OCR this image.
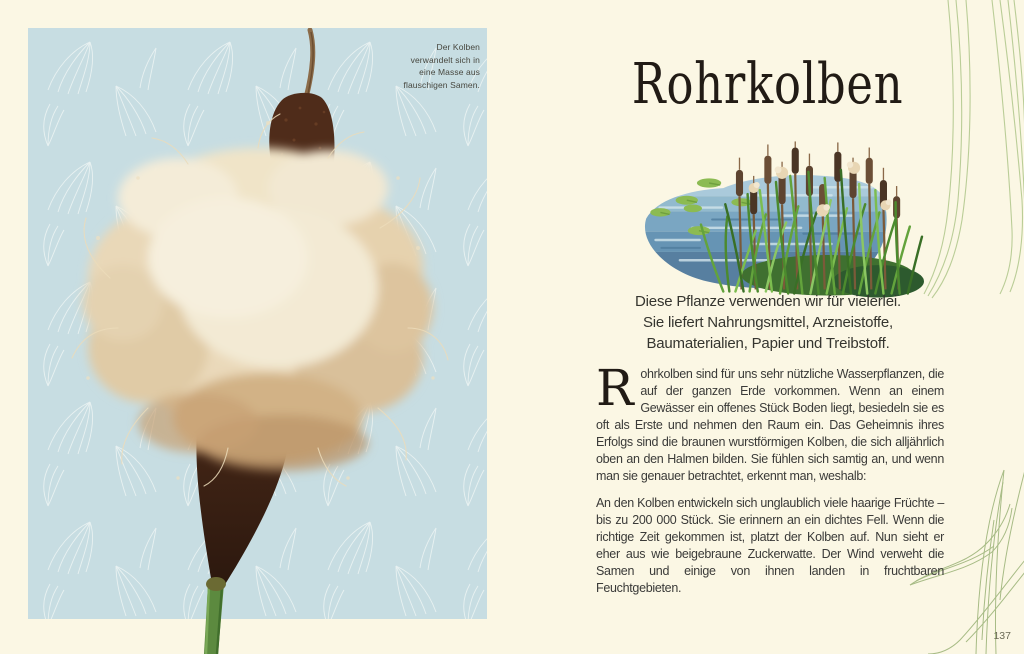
Der Kolben verwandelt sich in eine Masse aus flauschigen Samen.	Rohrkolben
Diese Pflanze verwenden wir für vielerlei.
Sie liefert Nahrungsmittel, Arzneistoffe,
Baumaterialien, Papier und Treibstoff.

Rohrkolben sind für uns sehr nützliche Wasserpflanzen, die auf der ganzen Erde vorkommen. Wenn an einem Gewässer ein offenes Stück Boden liegt, besiedeln sie es oft als Erste und nehmen den Raum ein. Das Geheimnis ihres Erfolgs sind die braunen wurstförmigen Kolben, die sich alljährlich oben an den Halmen bilden. Sie fühlen sich samtig an, und wenn man sie genauer betrachtet, erkennt man, weshalb:

An den Kolben entwickeln sich unglaublich viele haarige Früchte – bis zu 200 000 Stück. Sie erinnern an ein dichtes Fell. Wenn die richtige Zeit gekommen ist, platzt der Kolben auf. Nun sieht er eher aus wie beigebraune Zuckerwatte. Der Wind verweht die Samen und einige von ihnen landen in fruchtbaren Feuchtgebieten.

137
